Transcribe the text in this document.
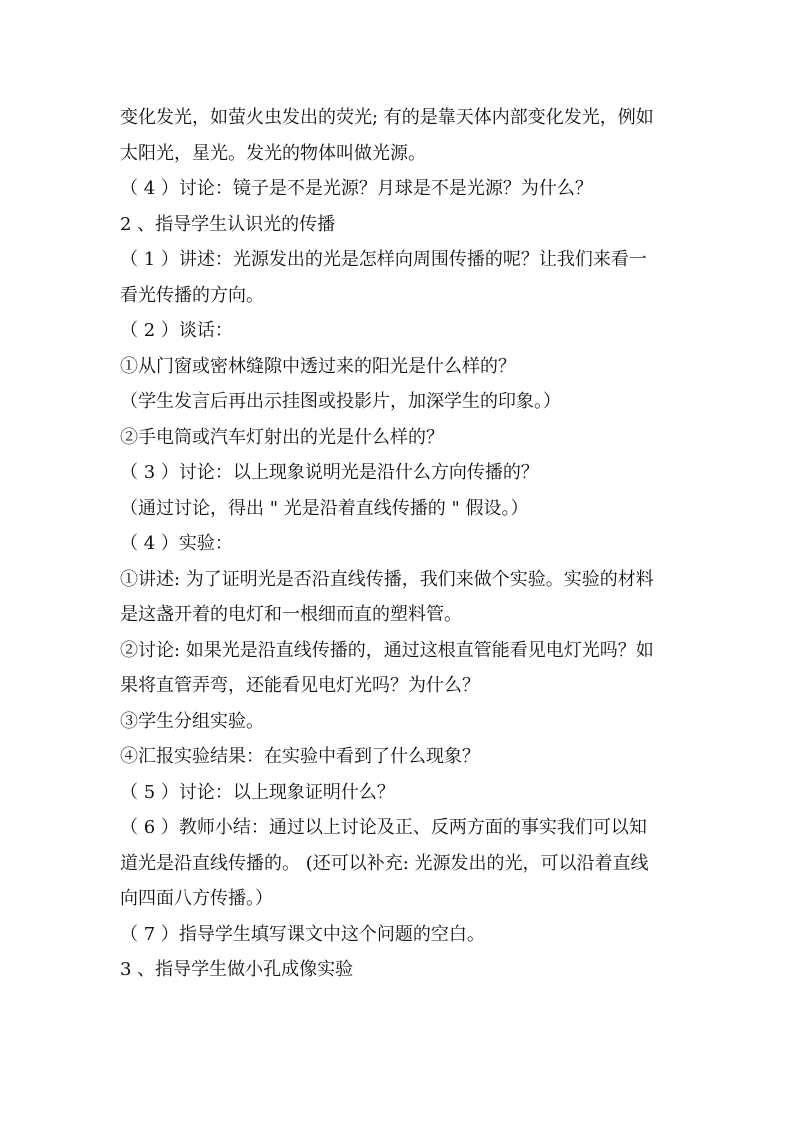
变化发光，如萤火虫发出的荧光; 有的是靠天体内部变化发光，例如
太阳光，星光。发光的物体叫做光源。
（ 4 ）讨论：镜子是不是光源？月球是不是光源？为什么？
2 、指导学生认识光的传播
（ 1 ）讲述：光源发出的光是怎样向周围传播的呢？让我们来看一
看光传播的方向。
（ 2 ）谈话：
①从门窗或密林缝隙中透过来的阳光是什么样的？
（学生发言后再出示挂图或投影片，加深学生的印象。）
②手电筒或汽车灯射出的光是什么样的？
（ 3 ）讨论：以上现象说明光是沿什么方向传播的？
（通过讨论，得出 " 光是沿着直线传播的 " 假设。）
（ 4 ）实验：
①讲述: 为了证明光是否沿直线传播，我们来做个实验。实验的材料
是这盏开着的电灯和一根细而直的塑料管。
②讨论: 如果光是沿直线传播的，通过这根直管能看见电灯光吗？如
果将直管弄弯，还能看见电灯光吗？为什么？
③学生分组实验。
④汇报实验结果：在实验中看到了什么现象？
（ 5 ）讨论：以上现象证明什么？
（ 6 ）教师小结：通过以上讨论及正、反两方面的事实我们可以知
道光是沿直线传播的。 (还可以补充: 光源发出的光，可以沿着直线
向四面八方传播。）
（ 7 ）指导学生填写课文中这个问题的空白。
3 、指导学生做小孔成像实验
